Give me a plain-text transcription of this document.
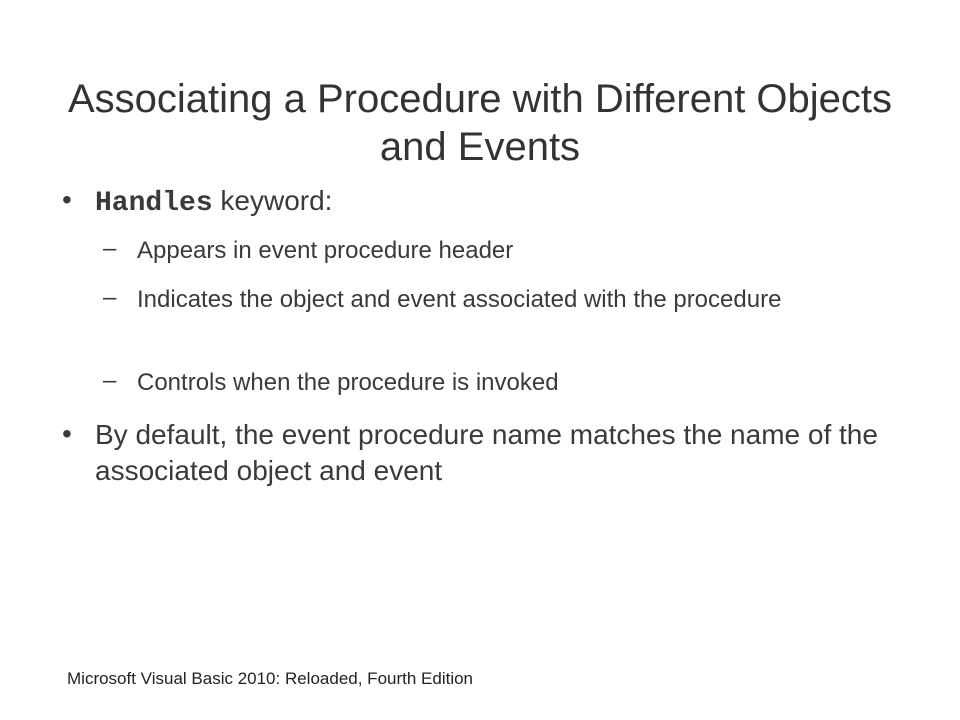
Associating a Procedure with Different Objects and Events
• Handles keyword:
– Appears in event procedure header
– Indicates the object and event associated with the procedure
– Controls when the procedure is invoked
• By default, the event procedure name matches the name of the associated object and event
Microsoft Visual Basic 2010: Reloaded, Fourth Edition
